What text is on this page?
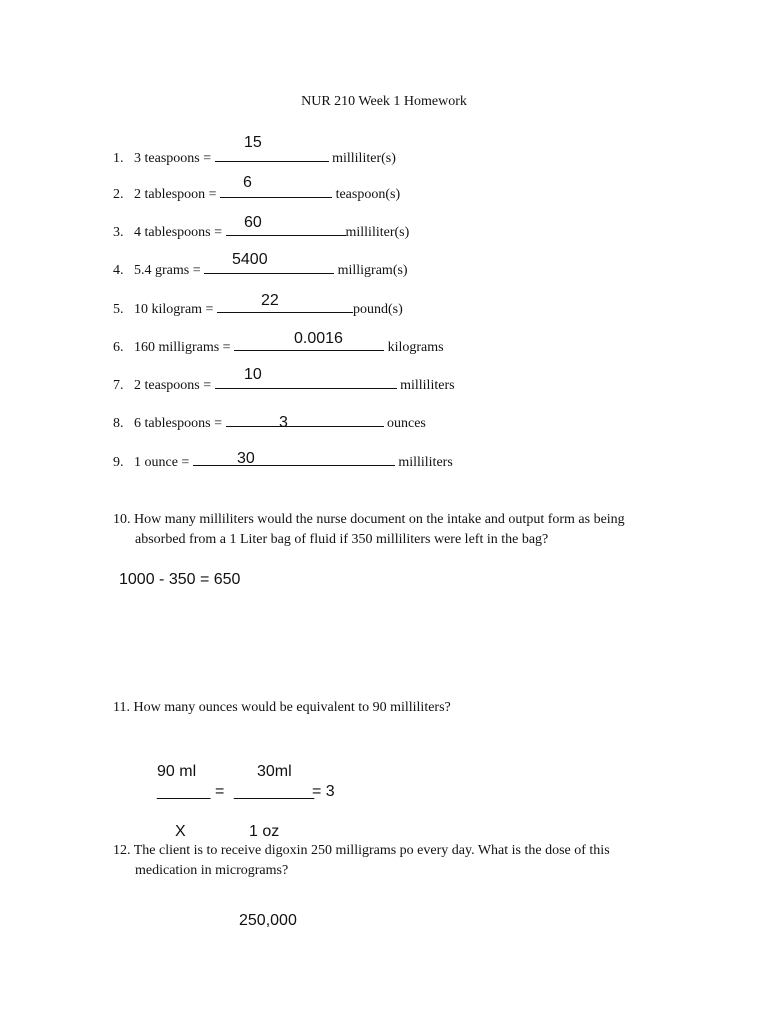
NUR 210 Week 1 Homework
1. 3 teaspoons =	milliliter(s)
15
2. 2 tablespoon =	teaspoon(s)
6
3. 4 tablespoons =	milliliter(s)
60
4. 5.4 grams =	milligram(s)
5400
5. 10 kilogram =	pound(s)
22
6. 160 milligrams =	kilograms
0.0016
7. 2 teaspoons =	milliliters
10
8. 6 tablespoons =	ounces
3
9. 1 ounce =	milliliters
30
10. How many milliliters would the nurse document on the intake and output form as being absorbed from a 1 Liter bag of fluid if 350 milliliters were left in the bag?
1000 - 350 = 650
11. How many ounces would be equivalent to 90 milliliters?
90 ml	30ml
______ = _________
= 3
X	1 oz
12. The client is to receive digoxin 250 milligrams po every day. What is the dose of this medication in micrograms?
250,000
